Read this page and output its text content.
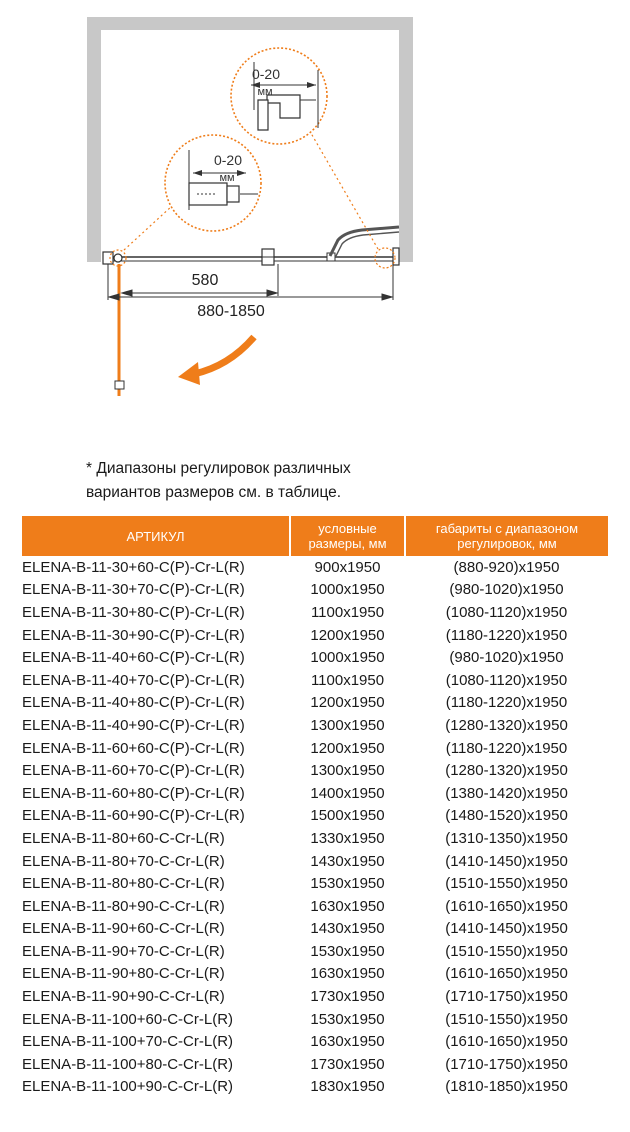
580
880-1850
0-20
мм
0-20
мм
* Диапазоны регулировок различных
вариантов размеров см. в таблице.
АРТИКУЛ	условные размеры, мм	габариты с диапазоном регулировок, мм
ELENA-B-11-30+60-C(P)-Cr-L(R)	900x1950	(880-920)x1950
ELENA-B-11-30+70-C(P)-Cr-L(R)	1000x1950	(980-1020)x1950
ELENA-B-11-30+80-C(P)-Cr-L(R)	1100x1950	(1080-1120)x1950
ELENA-B-11-30+90-C(P)-Cr-L(R)	1200x1950	(1180-1220)x1950
ELENA-B-11-40+60-C(P)-Cr-L(R)	1000x1950	(980-1020)x1950
ELENA-B-11-40+70-C(P)-Cr-L(R)	1100x1950	(1080-1120)x1950
ELENA-B-11-40+80-C(P)-Cr-L(R)	1200x1950	(1180-1220)x1950
ELENA-B-11-40+90-C(P)-Cr-L(R)	1300x1950	(1280-1320)x1950
ELENA-B-11-60+60-C(P)-Cr-L(R)	1200x1950	(1180-1220)x1950
ELENA-B-11-60+70-C(P)-Cr-L(R)	1300x1950	(1280-1320)x1950
ELENA-B-11-60+80-C(P)-Cr-L(R)	1400x1950	(1380-1420)x1950
ELENA-B-11-60+90-C(P)-Cr-L(R)	1500x1950	(1480-1520)x1950
ELENA-B-11-80+60-C-Cr-L(R)	1330x1950	(1310-1350)x1950
ELENA-B-11-80+70-C-Cr-L(R)	1430x1950	(1410-1450)x1950
ELENA-B-11-80+80-C-Cr-L(R)	1530x1950	(1510-1550)x1950
ELENA-B-11-80+90-C-Cr-L(R)	1630x1950	(1610-1650)x1950
ELENA-B-11-90+60-C-Cr-L(R)	1430x1950	(1410-1450)x1950
ELENA-B-11-90+70-C-Cr-L(R)	1530x1950	(1510-1550)x1950
ELENA-B-11-90+80-C-Cr-L(R)	1630x1950	(1610-1650)x1950
ELENA-B-11-90+90-C-Cr-L(R)	1730x1950	(1710-1750)x1950
ELENA-B-11-100+60-C-Cr-L(R)	1530x1950	(1510-1550)x1950
ELENA-B-11-100+70-C-Cr-L(R)	1630x1950	(1610-1650)x1950
ELENA-B-11-100+80-C-Cr-L(R)	1730x1950	(1710-1750)x1950
ELENA-B-11-100+90-C-Cr-L(R)	1830x1950	(1810-1850)x1950
